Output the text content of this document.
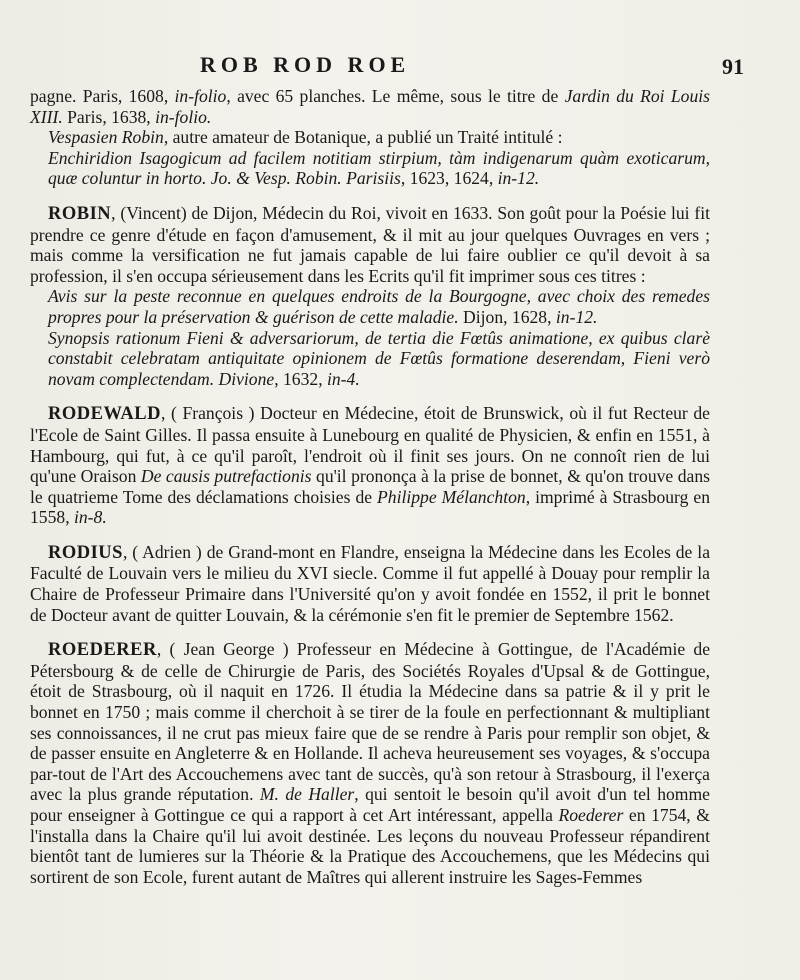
ROB ROD ROE	91

pagne. Paris, 1608, in-folio, avec 65 planches. Le même, sous le titre de Jardin du Roi Louis XIII. Paris, 1638, in-folio.

Vespasien Robin, autre amateur de Botanique, a publié un Traité intitulé :

Enchiridion Isagogicum ad facilem notitiam stirpium, tàm indigenarum quàm exoticarum, quæ coluntur in horto. Jo. & Vesp. Robin. Parisiis, 1623, 1624, in-12.

ROBIN, (Vincent) de Dijon, Médecin du Roi, vivoit en 1633. Son goût pour la Poésie lui fit prendre ce genre d'étude en façon d'amusement, & il mit au jour quelques Ouvrages en vers ; mais comme la versification ne fut jamais capable de lui faire oublier ce qu'il devoit à sa profession, il s'en occupa sérieusement dans les Ecrits qu'il fit imprimer sous ces titres :

Avis sur la peste reconnue en quelques endroits de la Bourgogne, avec choix des remedes propres pour la préservation & guérison de cette maladie. Dijon, 1628, in-12.

Synopsis rationum Fieni & adversariorum, de tertia die Fœtûs animatione, ex quibus clarè constabit celebratam antiquitate opinionem de Fœtûs formatione deserendam, Fieni verò novam complectendam. Divione, 1632, in-4.

RODEWALD, ( François ) Docteur en Médecine, étoit de Brunswick, où il fut Recteur de l'Ecole de Saint Gilles. Il passa ensuite à Lunebourg en qualité de Physicien, & enfin en 1551, à Hambourg, qui fut, à ce qu'il paroît, l'endroit où il finit ses jours. On ne connoît rien de lui qu'une Oraison De causis putrefactionis qu'il prononça à la prise de bonnet, & qu'on trouve dans le quatrieme Tome des déclamations choisies de Philippe Mélanchton, imprimé à Strasbourg en 1558, in-8.

RODIUS, ( Adrien ) de Grand-mont en Flandre, enseigna la Médecine dans les Ecoles de la Faculté de Louvain vers le milieu du XVI siecle. Comme il fut appellé à Douay pour remplir la Chaire de Professeur Primaire dans l'Université qu'on y avoit fondée en 1552, il prit le bonnet de Docteur avant de quitter Louvain, & la cérémonie s'en fit le premier de Septembre 1562.

ROEDERER, ( Jean George ) Professeur en Médecine à Gottingue, de l'Académie de Pétersbourg & de celle de Chirurgie de Paris, des Sociétés Royales d'Upsal & de Gottingue, étoit de Strasbourg, où il naquit en 1726. Il étudia la Médecine dans sa patrie & il y prit le bonnet en 1750 ; mais comme il cherchoit à se tirer de la foule en perfectionnant & multipliant ses connoissances, il ne crut pas mieux faire que de se rendre à Paris pour remplir son objet, & de passer ensuite en Angleterre & en Hollande. Il acheva heureusement ses voyages, & s'occupa par-tout de l'Art des Accouchemens avec tant de succès, qu'à son retour à Strasbourg, il l'exerça avec la plus grande réputation. M. de Haller, qui sentoit le besoin qu'il avoit d'un tel homme pour enseigner à Gottingue ce qui a rapport à cet Art intéressant, appella Roederer en 1754, & l'installa dans la Chaire qu'il lui avoit destinée. Les leçons du nouveau Professeur répandirent bientôt tant de lumieres sur la Théorie & la Pratique des Accouchemens, que les Médecins qui sortirent de son Ecole, furent autant de Maîtres qui allerent instruire les Sages-Femmes
